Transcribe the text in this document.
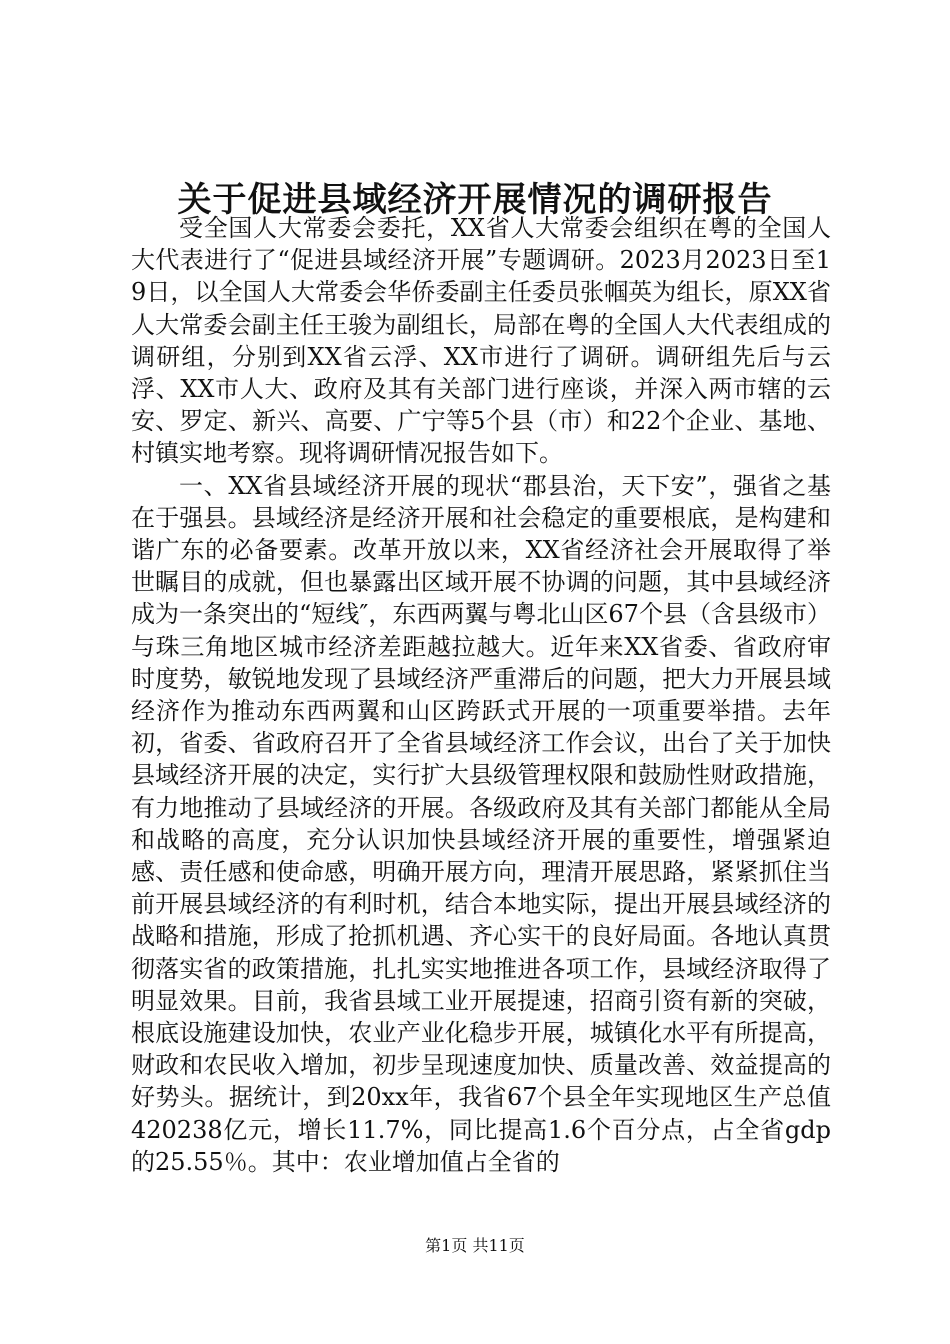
关于促进县域经济开展情况的调研报告

受全国人大常委会委托，XX省人大常委会组织在粤的全国人大代表进行了“促进县域经济开展”专题调研。2023月2023日至19日，以全国人大常委会华侨委副主任委员张帼英为组长，原XX省人大常委会副主任王骏为副组长，局部在粤的全国人大代表组成的调研组，分别到XX省云浮、XX市进行了调研。调研组先后与云浮、XX市人大、政府及其有关部门进行座谈，并深入两市辖的云安、罗定、新兴、高要、广宁等5个县（市）和22个企业、基地、村镇实地考察。现将调研情况报告如下。

一、XX省县域经济开展的现状“郡县治，天下安”，强省之基在于强县。县域经济是经济开展和社会稳定的重要根底，是构建和谐广东的必备要素。改革开放以来，XX省经济社会开展取得了举世瞩目的成就，但也暴露出区域开展不协调的问题，其中县域经济成为一条突出的“短线″，东西两翼与粤北山区67个县（含县级市）与珠三角地区城市经济差距越拉越大。近年来XX省委、省政府审时度势，敏锐地发现了县域经济严重滞后的问题，把大力开展县域经济作为推动东西两翼和山区跨跃式开展的一项重要举措。去年初，省委、省政府召开了全省县域经济工作会议，出台了关于加快县域经济开展的决定，实行扩大县级管理权限和鼓励性财政措施，有力地推动了县域经济的开展。各级政府及其有关部门都能从全局和战略的高度，充分认识加快县域经济开展的重要性，增强紧迫感、责任感和使命感，明确开展方向，理清开展思路，紧紧抓住当前开展县域经济的有利时机，结合本地实际，提出开展县域经济的战略和措施，形成了抢抓机遇、齐心实干的良好局面。各地认真贯彻落实省的政策措施，扎扎实实地推进各项工作，县域经济取得了明显效果。目前，我省县域工业开展提速，招商引资有新的突破，根底设施建设加快，农业产业化稳步开展，城镇化水平有所提高，财政和农民收入增加，初步呈现速度加快、质量改善、效益提高的好势头。据统计，到20xx年，我省67个县全年实现地区生产总值420238亿元，增长11.7%，同比提高1.6个百分点，占全省gdp的25.55％。其中：农业增加值占全省的

第1页 共11页
